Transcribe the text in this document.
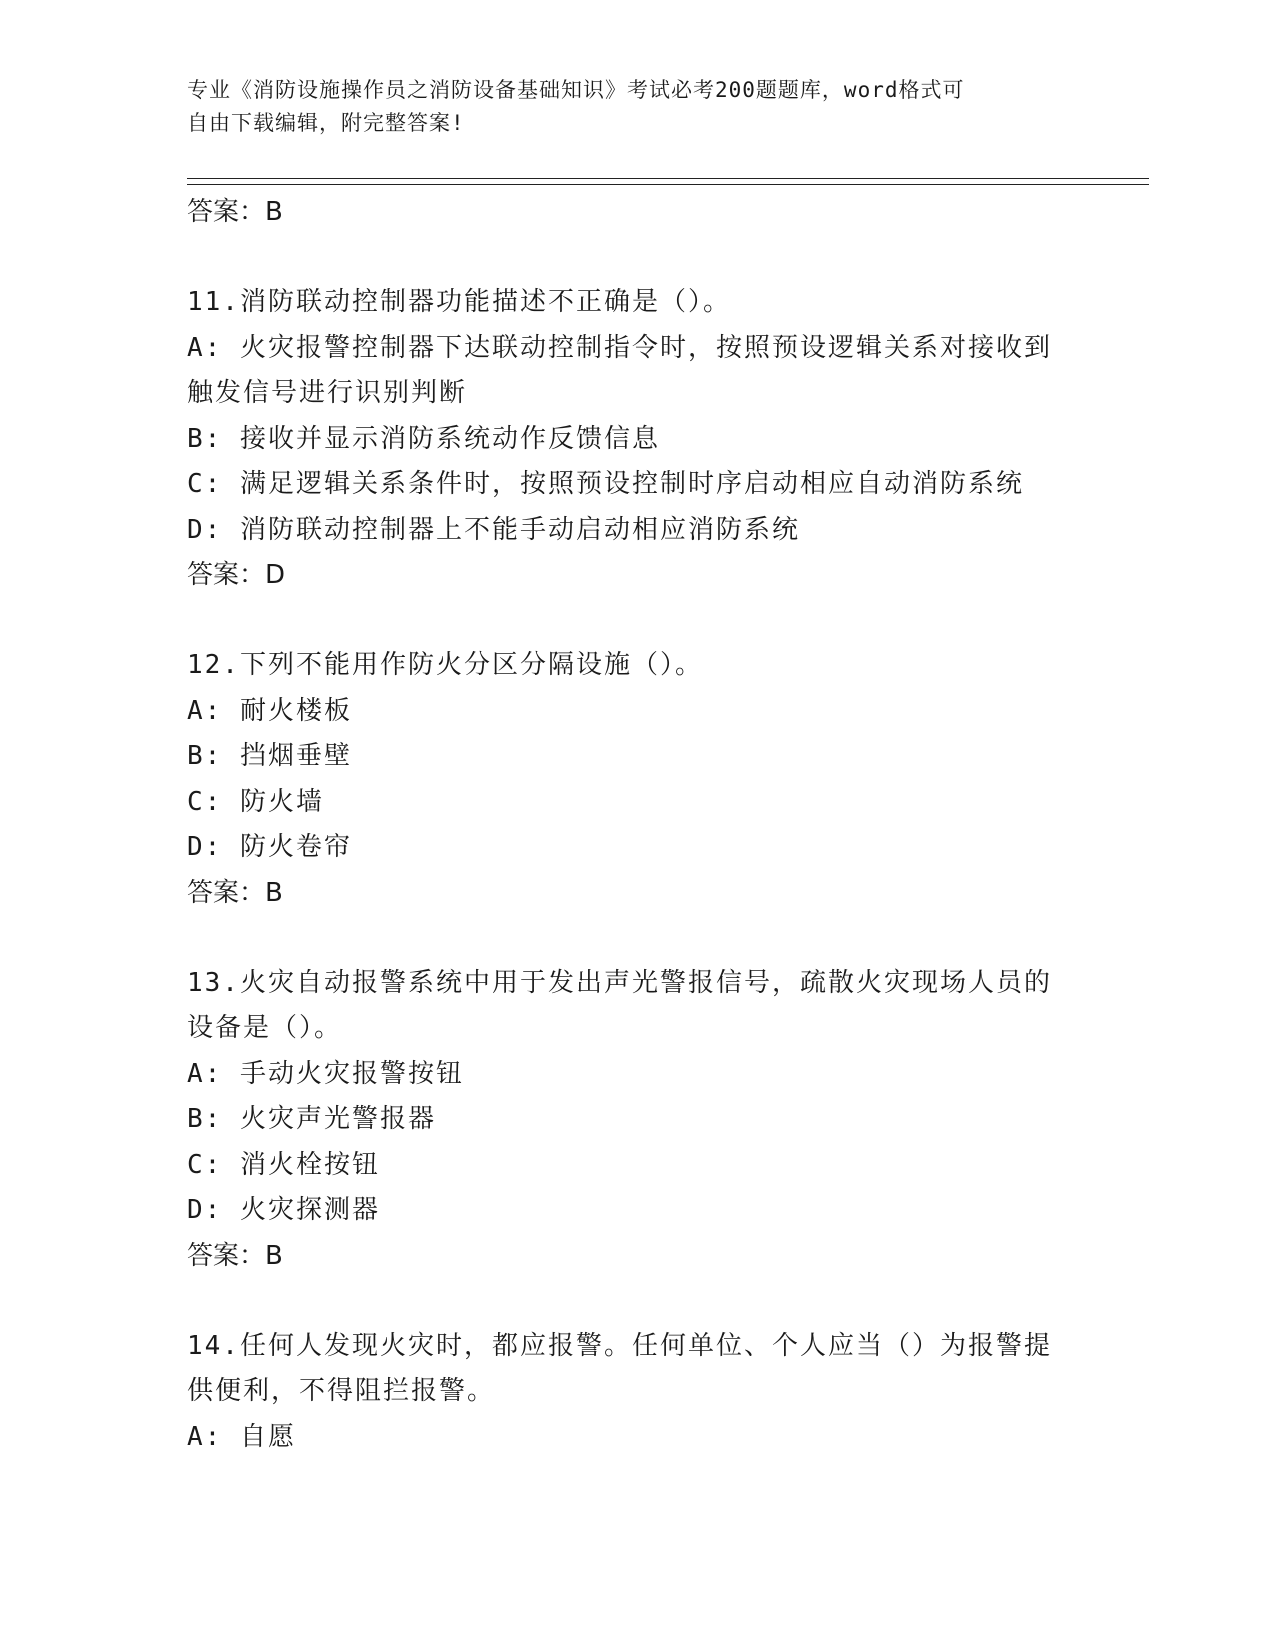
专业《消防设施操作员之消防设备基础知识》考试必考200题题库，word格式可
自由下载编辑，附完整答案!
答案：B
11.消防联动控制器功能描述不正确是（）。
A: 火灾报警控制器下达联动控制指令时，按照预设逻辑关系对接收到
触发信号进行识别判断
B: 接收并显示消防系统动作反馈信息
C: 满足逻辑关系条件时，按照预设控制时序启动相应自动消防系统
D: 消防联动控制器上不能手动启动相应消防系统
答案：D
12.下列不能用作防火分区分隔设施（）。
A: 耐火楼板
B: 挡烟垂壁
C: 防火墙
D: 防火卷帘
答案：B
13.火灾自动报警系统中用于发出声光警报信号，疏散火灾现场人员的
设备是（）。
A: 手动火灾报警按钮
B: 火灾声光警报器
C: 消火栓按钮
D: 火灾探测器
答案：B
14.任何人发现火灾时，都应报警。任何单位、个人应当（）为报警提
供便利，不得阻拦报警。
A: 自愿
